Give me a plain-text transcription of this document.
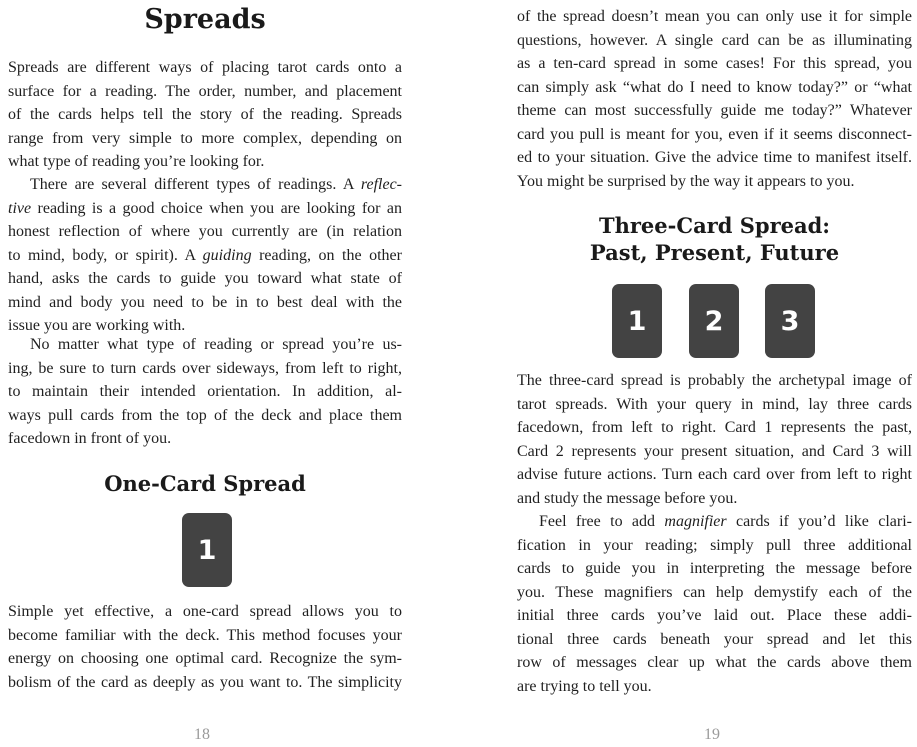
Spreads

Spreads are different ways of placing tarot cards onto a
surface for a reading. The order, number, and placement
of the cards helps tell the story of the reading. Spreads
range from very simple to more complex, depending on
what type of reading you’re looking for.

There are several different types of readings. A reflec-
tive reading is a good choice when you are looking for an
honest reflection of where you currently are (in relation
to mind, body, or spirit). A guiding reading, on the other
hand, asks the cards to guide you toward what state of
mind and body you need to be in to best deal with the
issue you are working with.

No matter what type of reading or spread you’re us-
ing, be sure to turn cards over sideways, from left to right,
to maintain their intended orientation. In addition, al-
ways pull cards from the top of the deck and place them
facedown in front of you.

One-Card Spread
1

Simple yet effective, a one-card spread allows you to
become familiar with the deck. This method focuses your
energy on choosing one optimal card. Recognize the sym-
bolism of the card as deeply as you want to. The simplicity

18

of the spread doesn’t mean you can only use it for simple
questions, however. A single card can be as illuminating
as a ten-card spread in some cases! For this spread, you
can simply ask “what do I need to know today?” or “what
theme can most successfully guide me today?” Whatever
card you pull is meant for you, even if it seems disconnect-
ed to your situation. Give the advice time to manifest itself.
You might be surprised by the way it appears to you.

Three-Card Spread:
Past, Present, Future
1	2	3

The three-card spread is probably the archetypal image of
tarot spreads. With your query in mind, lay three cards
facedown, from left to right. Card 1 represents the past,
Card 2 represents your present situation, and Card 3 will
advise future actions. Turn each card over from left to right
and study the message before you.

Feel free to add magnifier cards if you’d like clari-
fication in your reading; simply pull three additional
cards to guide you in interpreting the message before
you. These magnifiers can help demystify each of the
initial three cards you’ve laid out. Place these addi-
tional three cards beneath your spread and let this
row of messages clear up what the cards above them
are trying to tell you.

19
